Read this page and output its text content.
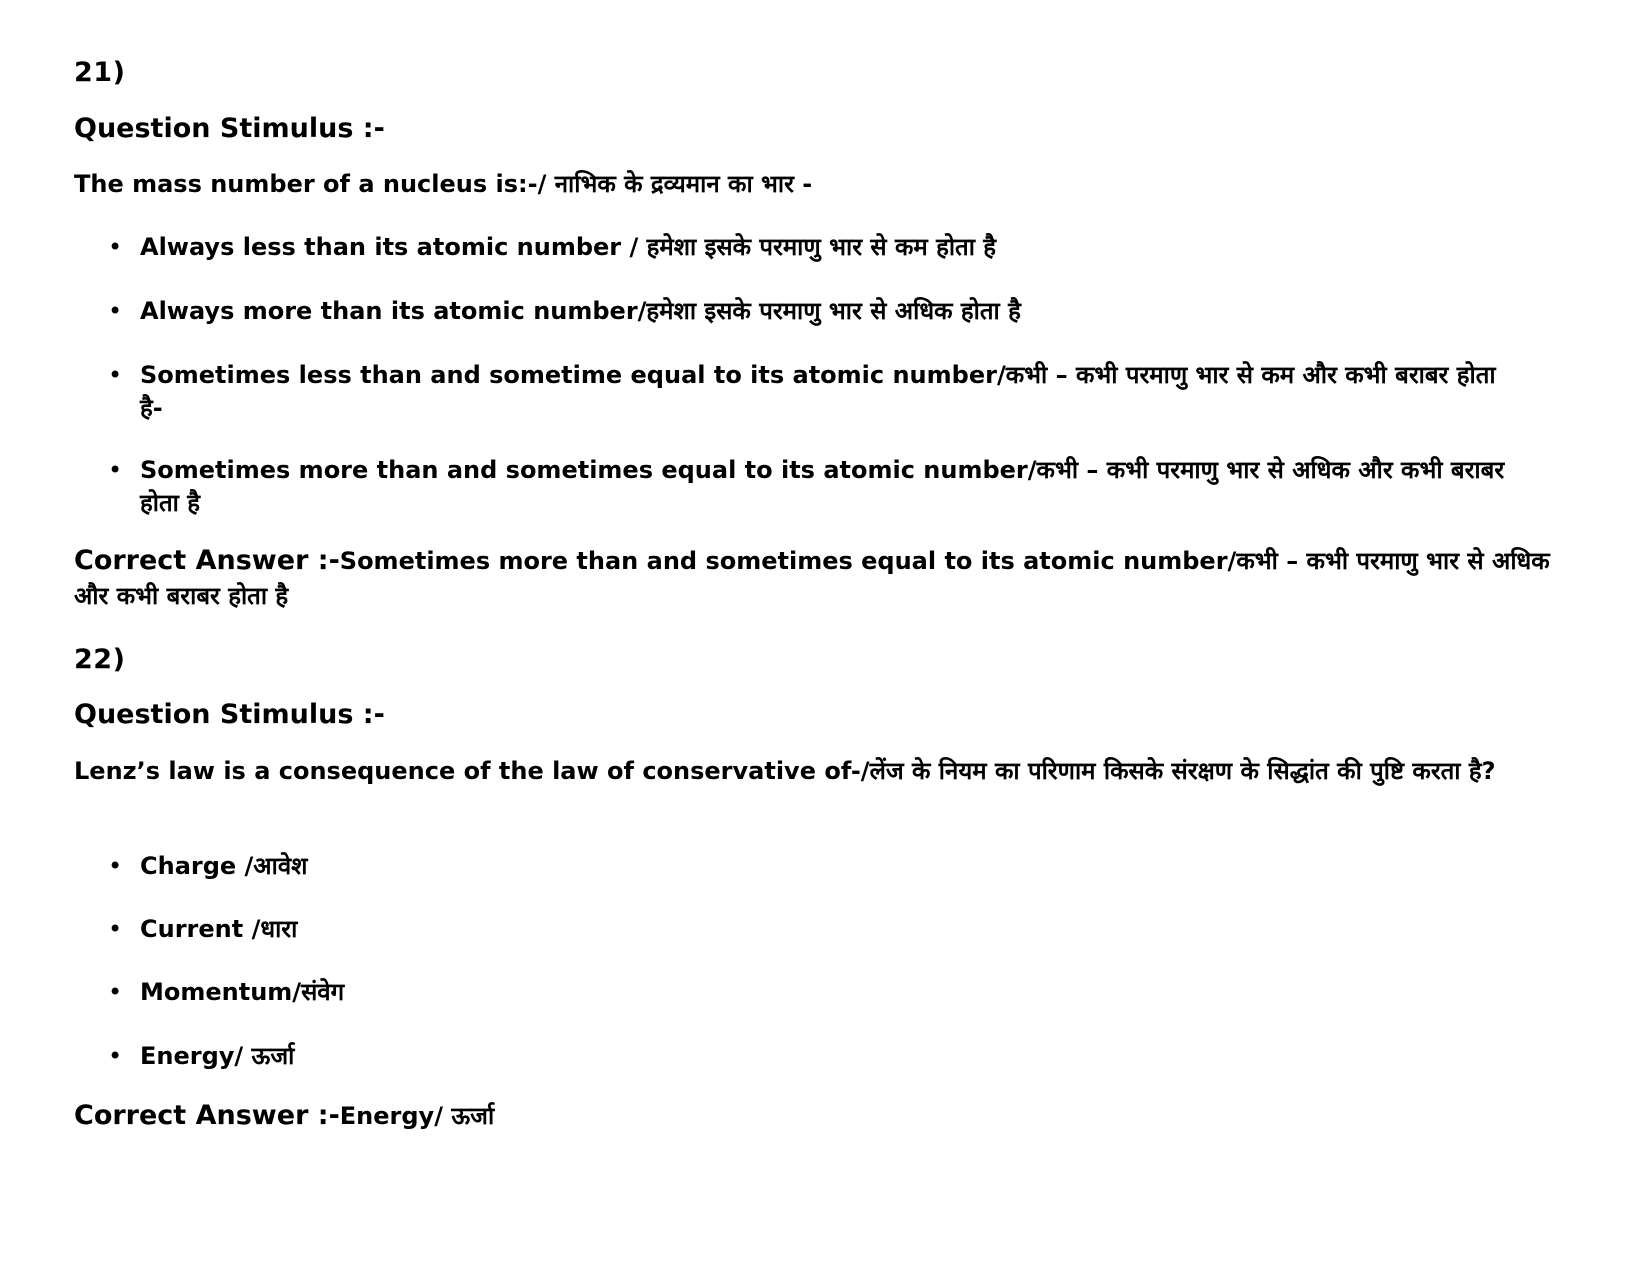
21)
Question Stimulus :-
The mass number of a nucleus is:-/ नाभिक के द्रव्यमान का भार -
• Always less than its atomic number / हमेशा इसके परमाणु भार से कम होता है
• Always more than its atomic number/हमेशा इसके परमाणु भार से अधिक होता है
• Sometimes less than and sometime equal to its atomic number/कभी – कभी परमाणु भार से कम और कभी बराबर होता है-
• Sometimes more than and sometimes equal to its atomic number/कभी – कभी परमाणु भार से अधिक और कभी बराबर होता है
Correct Answer :-Sometimes more than and sometimes equal to its atomic number/कभी – कभी परमाणु भार से अधिक और कभी बराबर होता है
22)
Question Stimulus :-
Lenz’s law is a consequence of the law of conservative of-/लेंज के नियम का परिणाम किसके संरक्षण के सिद्धांत की पुष्टि करता है?
• Charge /आवेश
• Current /धारा
• Momentum/संवेग
• Energy/ ऊर्जा
Correct Answer :-Energy/ ऊर्जा
